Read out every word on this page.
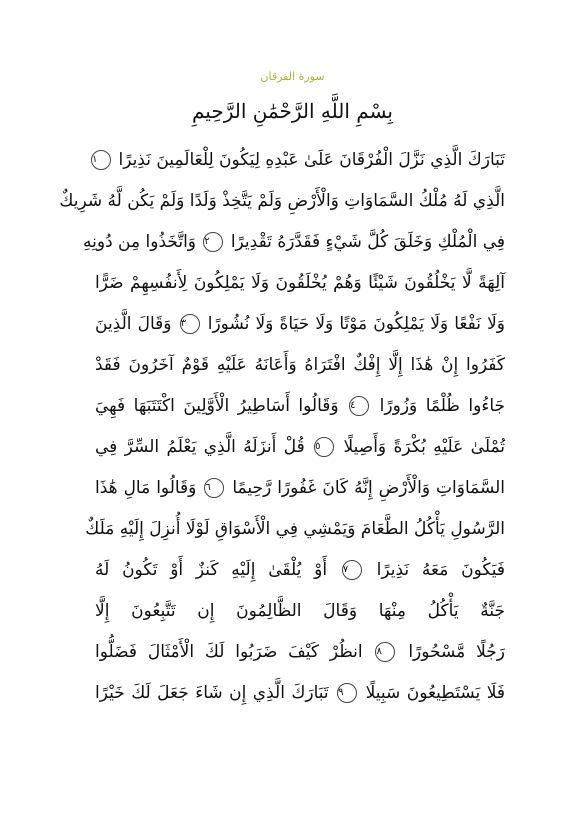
سورة الفرقان
بِسْمِ اللَّهِ الرَّحْمَٰنِ الرَّحِيمِ
تَبَارَكَ الَّذِي نَزَّلَ الْفُرْقَانَ عَلَىٰ عَبْدِهِ لِيَكُونَ لِلْعَالَمِينَ نَذِيرًا ١
الَّذِي لَهُ مُلْكُ السَّمَاوَاتِ وَالْأَرْضِ وَلَمْ يَتَّخِذْ وَلَدًا وَلَمْ يَكُن لَّهُ شَرِيكٌ
فِي الْمُلْكِ وَخَلَقَ كُلَّ شَيْءٍ فَقَدَّرَهُ تَقْدِيرًا ٢ وَاتَّخَذُوا مِن دُونِهِ
آلِهَةً لَّا يَخْلُقُونَ شَيْئًا وَهُمْ يُخْلَقُونَ وَلَا يَمْلِكُونَ لِأَنفُسِهِمْ ضَرًّا
وَلَا نَفْعًا وَلَا يَمْلِكُونَ مَوْتًا وَلَا حَيَاةً وَلَا نُشُورًا ٣ وَقَالَ الَّذِينَ
كَفَرُوا إِنْ هَٰذَا إِلَّا إِفْكٌ افْتَرَاهُ وَأَعَانَهُ عَلَيْهِ قَوْمٌ آخَرُونَ فَقَدْ
جَاءُوا ظُلْمًا وَزُورًا ٤ وَقَالُوا أَسَاطِيرُ الْأَوَّلِينَ اكْتَتَبَهَا فَهِيَ
تُمْلَىٰ عَلَيْهِ بُكْرَةً وَأَصِيلًا ٥ قُلْ أَنزَلَهُ الَّذِي يَعْلَمُ السِّرَّ فِي
السَّمَاوَاتِ وَالْأَرْضِ إِنَّهُ كَانَ غَفُورًا رَّحِيمًا ٦ وَقَالُوا مَالِ هَٰذَا
الرَّسُولِ يَأْكُلُ الطَّعَامَ وَيَمْشِي فِي الْأَسْوَاقِ لَوْلَا أُنزِلَ إِلَيْهِ مَلَكٌ
فَيَكُونَ مَعَهُ نَذِيرًا ٧ أَوْ يُلْقَىٰ إِلَيْهِ كَنزٌ أَوْ تَكُونُ لَهُ
جَنَّةٌ يَأْكُلُ مِنْهَا وَقَالَ الظَّالِمُونَ إِن تَتَّبِعُونَ إِلَّا
رَجُلًا مَّسْحُورًا ٨ انظُرْ كَيْفَ ضَرَبُوا لَكَ الْأَمْثَالَ فَضَلُّوا
فَلَا يَسْتَطِيعُونَ سَبِيلًا ٩ تَبَارَكَ الَّذِي إِن شَاءَ جَعَلَ لَكَ خَيْرًا
